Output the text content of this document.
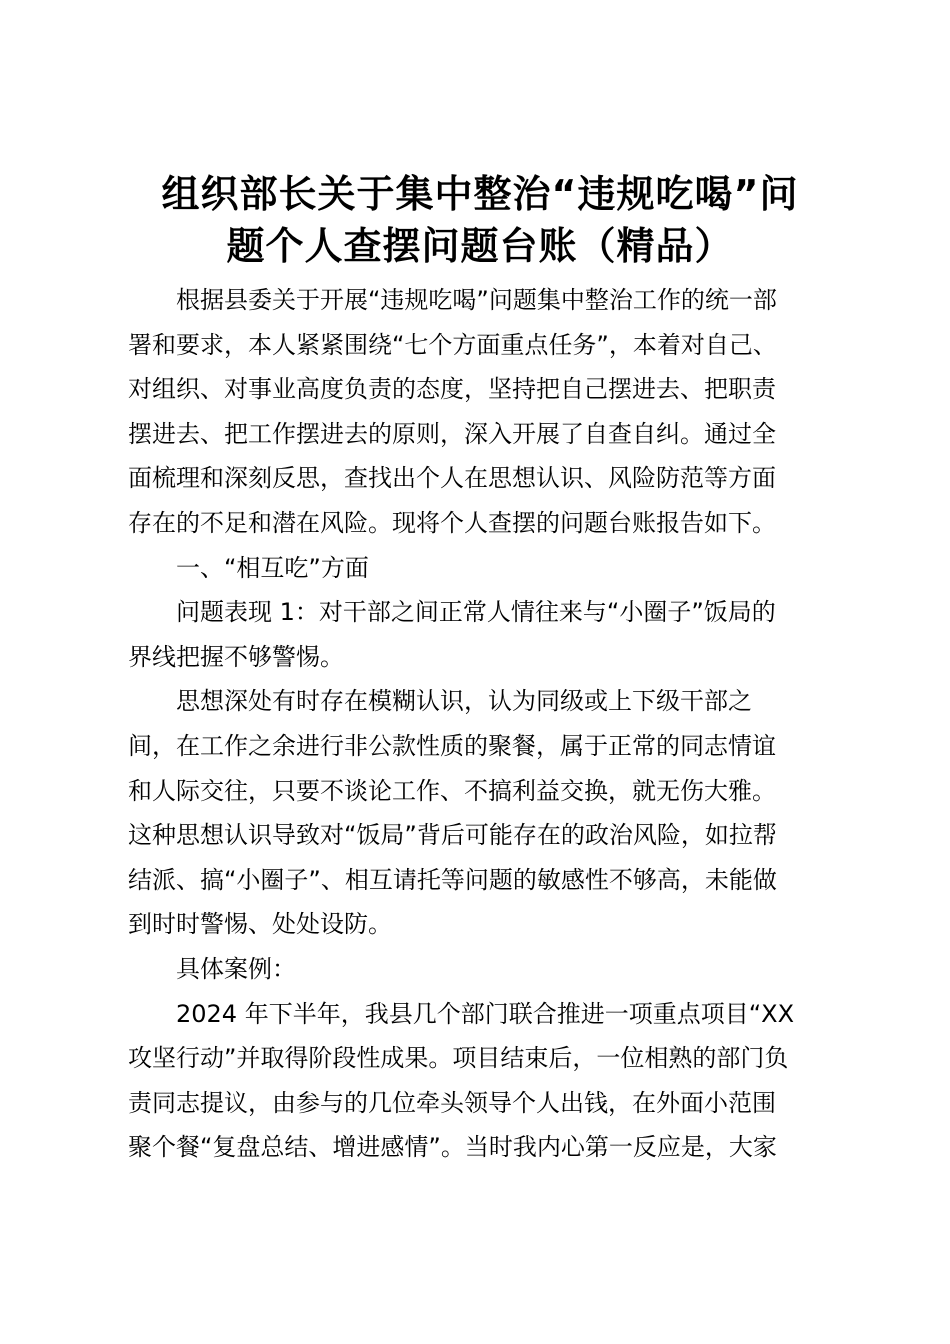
组织部长关于集中整治“违规吃喝”问
题个人查摆问题台账（精品）
根据县委关于开展“违规吃喝”问题集中整治工作的统一部
署和要求，本人紧紧围绕“七个方面重点任务”，本着对自己、
对组织、对事业高度负责的态度，坚持把自己摆进去、把职责
摆进去、把工作摆进去的原则，深入开展了自查自纠。通过全
面梳理和深刻反思，查找出个人在思想认识、风险防范等方面
存在的不足和潜在风险。现将个人查摆的问题台账报告如下。
一、“相互吃”方面
问题表现 1：对干部之间正常人情往来与“小圈子”饭局的
界线把握不够警惕。
思想深处有时存在模糊认识，认为同级或上下级干部之
间，在工作之余进行非公款性质的聚餐，属于正常的同志情谊
和人际交往，只要不谈论工作、不搞利益交换，就无伤大雅。
这种思想认识导致对“饭局”背后可能存在的政治风险，如拉帮
结派、搞“小圈子”、相互请托等问题的敏感性不够高，未能做
到时时警惕、处处设防。
具体案例：
2024 年下半年，我县几个部门联合推进一项重点项目“XX
攻坚行动”并取得阶段性成果。项目结束后，一位相熟的部门负
责同志提议，由参与的几位牵头领导个人出钱，在外面小范围
聚个餐“复盘总结、增进感情”。当时我内心第一反应是，大家
